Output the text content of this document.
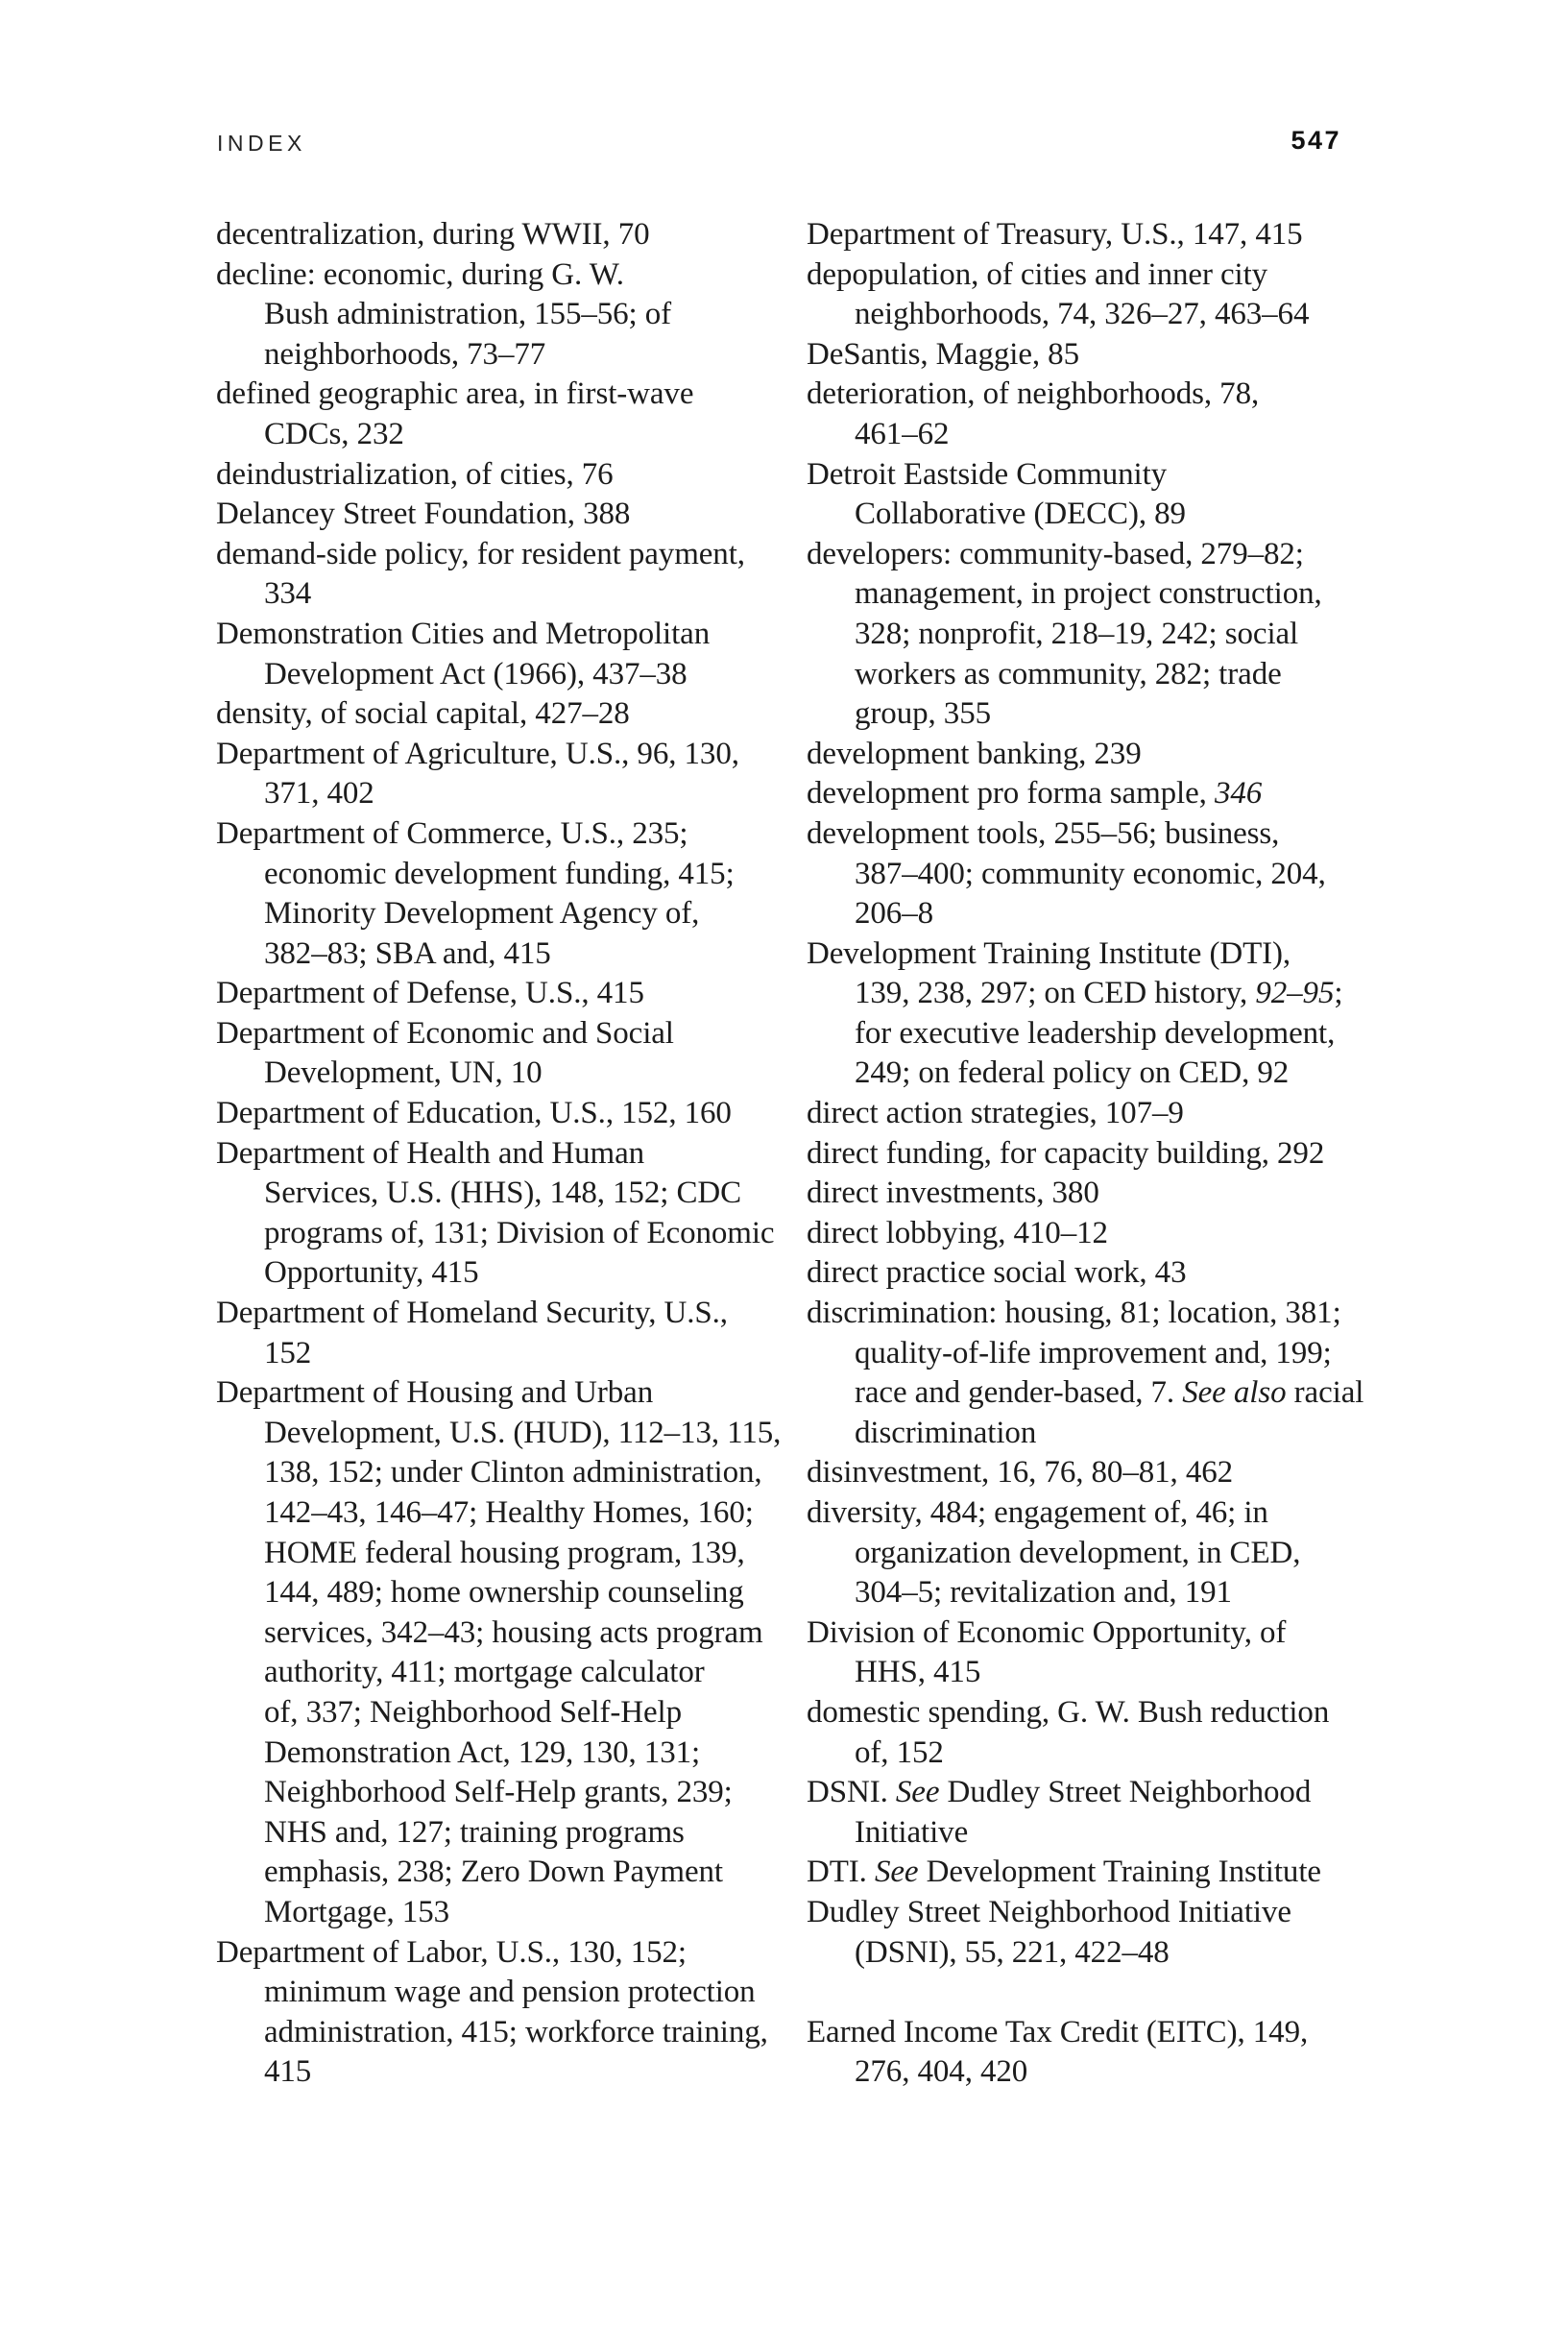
INDEX	547
decentralization, during WWII, 70
decline: economic, during G. W.
Bush administration, 155–56; of
neighborhoods, 73–77
defined geographic area, in first-wave
CDCs, 232
deindustrialization, of cities, 76
Delancey Street Foundation, 388
demand-side policy, for resident payment,
334
Demonstration Cities and Metropolitan
Development Act (1966), 437–38
density, of social capital, 427–28
Department of Agriculture, U.S., 96, 130,
371, 402
Department of Commerce, U.S., 235;
economic development funding, 415;
Minority Development Agency of,
382–83; SBA and, 415
Department of Defense, U.S., 415
Department of Economic and Social
Development, UN, 10
Department of Education, U.S., 152, 160
Department of Health and Human
Services, U.S. (HHS), 148, 152; CDC
programs of, 131; Division of Economic
Opportunity, 415
Department of Homeland Security, U.S.,
152
Department of Housing and Urban
Development, U.S. (HUD), 112–13, 115,
138, 152; under Clinton administration,
142–43, 146–47; Healthy Homes, 160;
HOME federal housing program, 139,
144, 489; home ownership counseling
services, 342–43; housing acts program
authority, 411; mortgage calculator
of, 337; Neighborhood Self-Help
Demonstration Act, 129, 130, 131;
Neighborhood Self-Help grants, 239;
NHS and, 127; training programs
emphasis, 238; Zero Down Payment
Mortgage, 153
Department of Labor, U.S., 130, 152;
minimum wage and pension protection
administration, 415; workforce training,
415
Department of Treasury, U.S., 147, 415
depopulation, of cities and inner city
neighborhoods, 74, 326–27, 463–64
DeSantis, Maggie, 85
deterioration, of neighborhoods, 78,
461–62
Detroit Eastside Community
Collaborative (DECC), 89
developers: community-based, 279–82;
management, in project construction,
328; nonprofit, 218–19, 242; social
workers as community, 282; trade
group, 355
development banking, 239
development pro forma sample, 346
development tools, 255–56; business,
387–400; community economic, 204,
206–8
Development Training Institute (DTI),
139, 238, 297; on CED history, 92–95;
for executive leadership development,
249; on federal policy on CED, 92
direct action strategies, 107–9
direct funding, for capacity building, 292
direct investments, 380
direct lobbying, 410–12
direct practice social work, 43
discrimination: housing, 81; location, 381;
quality-of-life improvement and, 199;
race and gender-based, 7. See also racial
discrimination
disinvestment, 16, 76, 80–81, 462
diversity, 484; engagement of, 46; in
organization development, in CED,
304–5; revitalization and, 191
Division of Economic Opportunity, of
HHS, 415
domestic spending, G. W. Bush reduction
of, 152
DSNI. See Dudley Street Neighborhood
Initiative
DTI. See Development Training Institute
Dudley Street Neighborhood Initiative
(DSNI), 55, 221, 422–48
Earned Income Tax Credit (EITC), 149,
276, 404, 420
